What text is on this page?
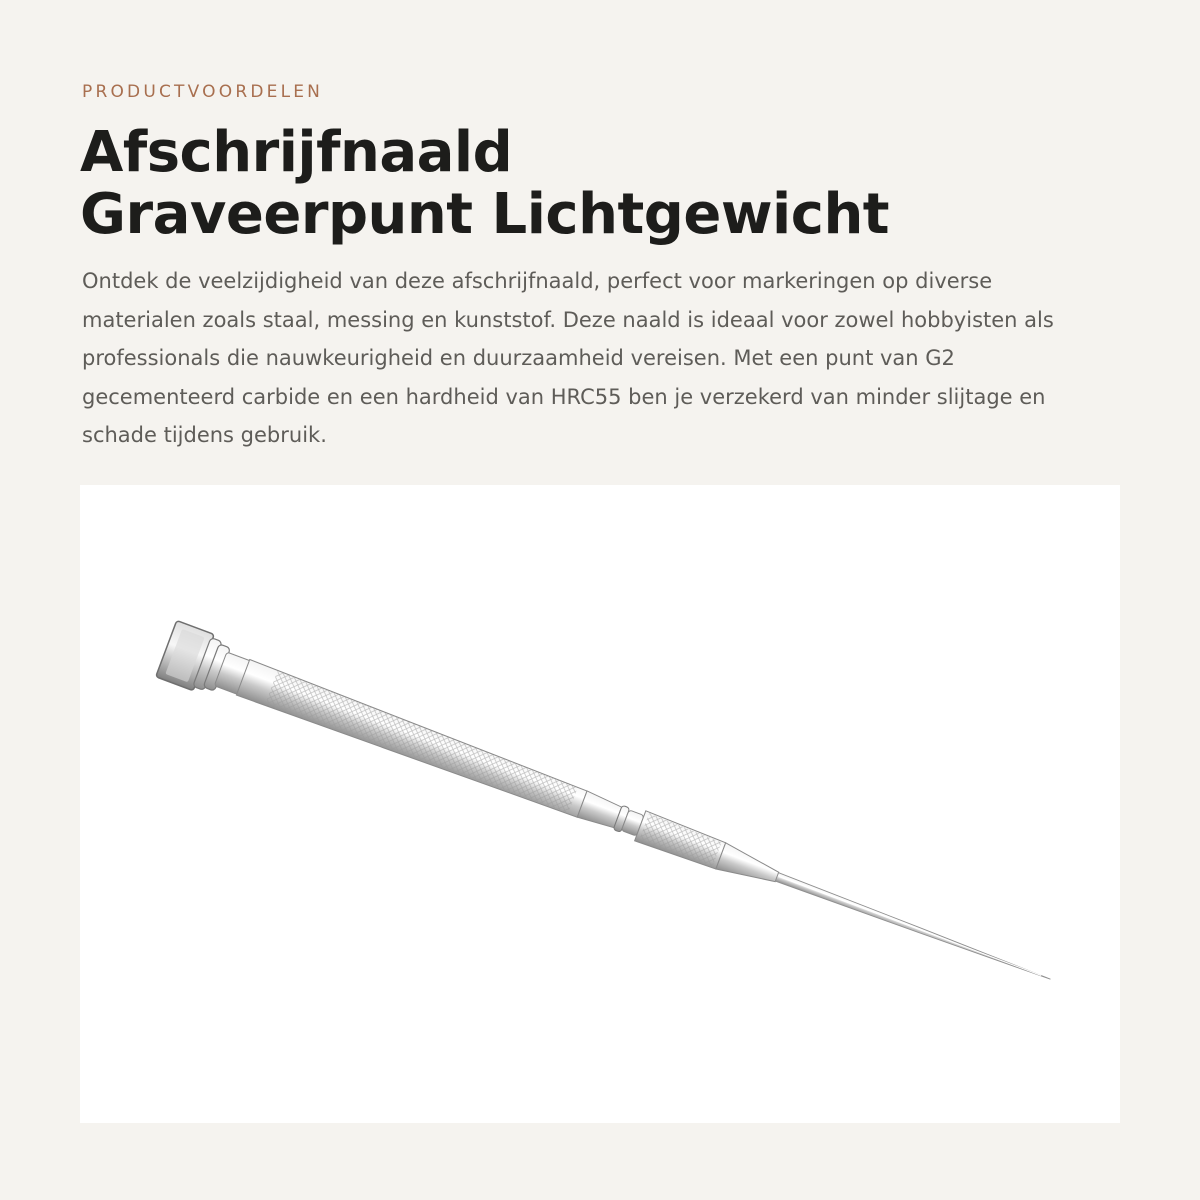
PRODUCTVOORDELEN
Afschrijfnaald
Graveerpunt Lichtgewicht

Ontdek de veelzijdigheid van deze afschrijfnaald, perfect voor markeringen op diverse materialen zoals staal, messing en kunststof. Deze naald is ideaal voor zowel hobbyisten als professionals die nauwkeurigheid en duurzaamheid vereisen. Met een punt van G2 gecementeerd carbide en een hardheid van HRC55 ben je verzekerd van minder slijtage en schade tijdens gebruik.
